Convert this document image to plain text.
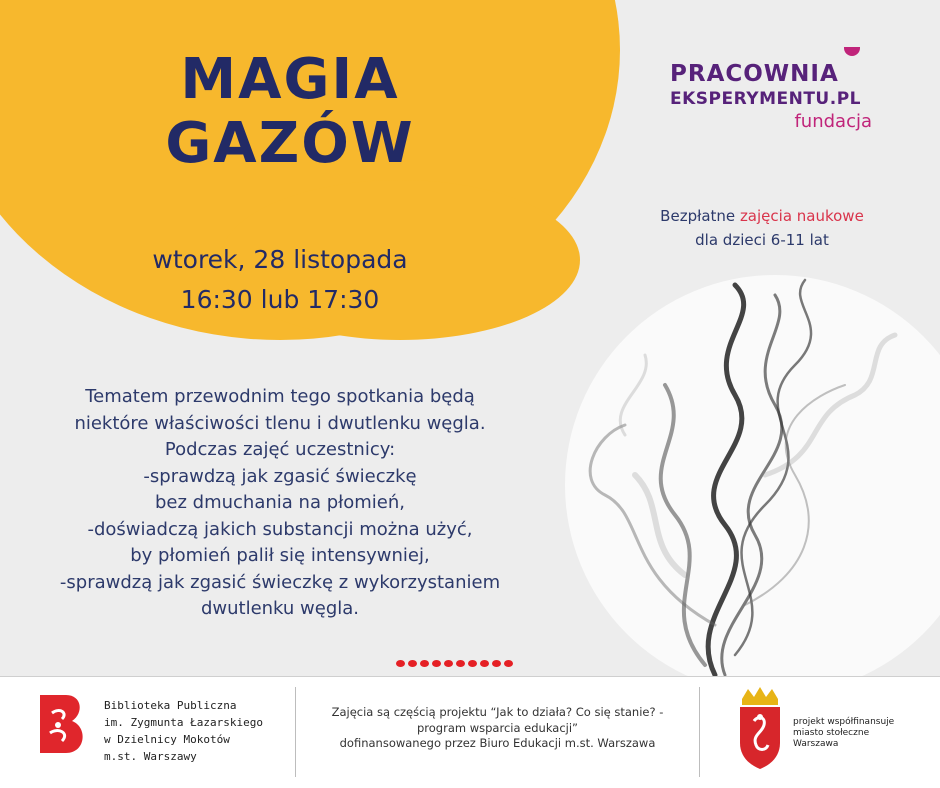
MAGIA
GAZÓW
wtorek, 28 listopada
16:30 lub 17:30
PRACOWNIA
EKSPERYMENTU.PL
fundacja
Bezpłatne zajęcia naukowe
dla dzieci 6-11 lat
Tematem przewodnim tego spotkania będą
niektóre właściwości tlenu i dwutlenku węgla.
Podczas zajęć uczestnicy:
-sprawdzą jak zgasić świeczkę
bez dmuchania na płomień,
-doświadczą jakich substancji można użyć,
by płomień palił się intensywniej,
-sprawdzą jak zgasić świeczkę z wykorzystaniem
dwutlenku węgla.
Biblioteka Publiczna
im. Zygmunta Łazarskiego
w Dzielnicy Mokotów
m.st. Warszawy
Zajęcia są częścią projektu “Jak to działa? Co się stanie? -
program wsparcia edukacji”
dofinansowanego przez Biuro Edukacji m.st. Warszawa
projekt współfinansuje
miasto stołeczne
Warszawa
